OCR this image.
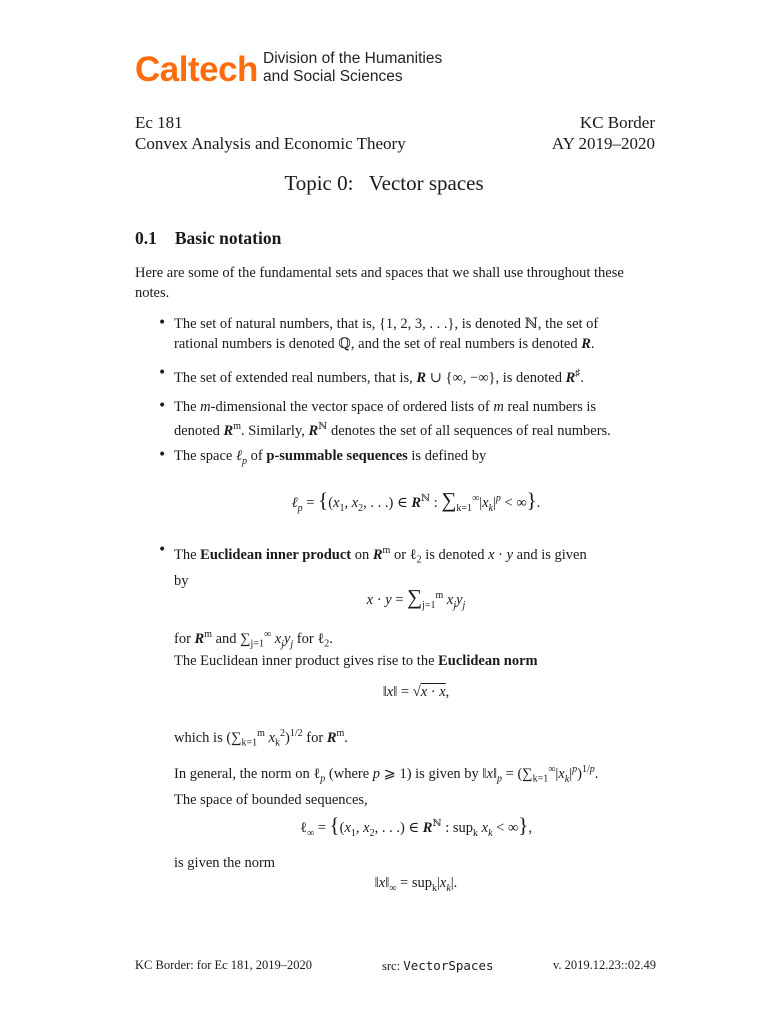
Caltech Division of the Humanities
and Social Sciences
Ec 181
Convex Analysis and Economic Theory
KC Border
AY 2019–2020
Topic 0:   Vector spaces
0.1 Basic notation
Here are some of the fundamental sets and spaces that we shall use throughout these notes.
• The set of natural numbers, that is, {1, 2, 3, . . .}, is denoted ℕ, the set of
rational numbers is denoted ℚ, and the set of real numbers is denoted R.
• The set of extended real numbers, that is, R ∪ {∞, −∞}, is denoted R♯.
• The m-dimensional the vector space of ordered lists of m real numbers is
denoted $R^m$. Similarly, $R^ℕ$ denotes the set of all sequences of real numbers.
• The space ℓ$_p$ of p-summable sequences is defined by
ℓ$_p$ = {($x_1$, $x_2$, . . .) ∈ $R^ℕ$ : $\sum_{k=1}^\infty|x_k|^p$ < ∞}.
• The Euclidean inner product on $R^m$ or ℓ$_2$ is denoted x · y and is given
by
$x \cdot y = \sum_{j=1}^m$ $x_jy_j$
for $R^m$ and $\sum_{j=1}^\infty$ $x_jy_j$ for ℓ$_2$.
The Euclidean inner product gives rise to the Euclidean norm
‖x‖ = √x · x,
which is ($\sum_{k=1}^m$ $x_k^2)^{1/2}$ for $R^m$.
In general, the norm on ℓ$_p$ (where p ⩾ 1) is given by $‖x‖_p = (\sum_{k=1}^\infty|x_k|^p)^{1/p}$.
The space of bounded sequences,
ℓ$_\infty$ = {($x_1$, $x_2$, . . .) ∈ $R^ℕ$ : sup$_k$ $x_k$ < ∞},
is given the norm
$‖x‖_\infty = sup_k|x_k|$.
KC Border: for Ec 181, 2019–2020	src: VectorSpaces	v. 2019.12.23::02.49
